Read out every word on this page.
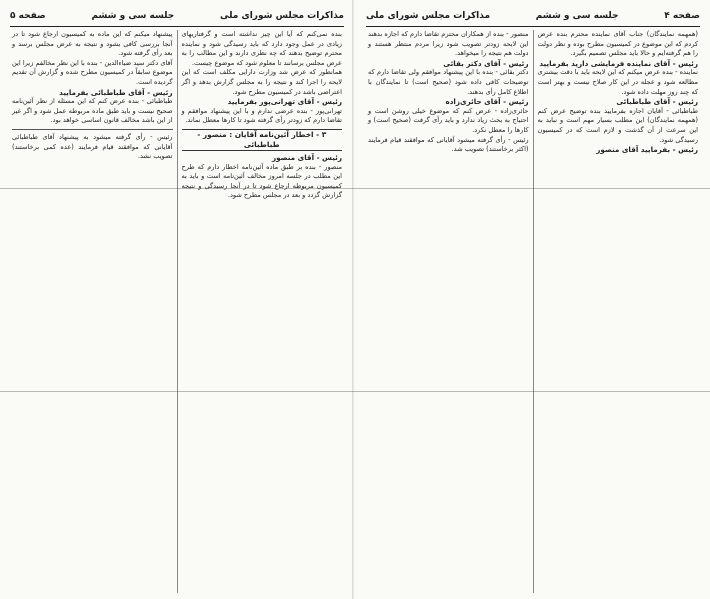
مذاکرات مجلس شورای ملی
جلسه سی و ششم
صفحه ۵

بنده نمی‌کنم که آیا این چیز نداشته است و گرفتاریهای زیادی در عمل وجود دارد که باید رسیدگی شود و نماینده محترم توضیح بدهند که چه نظری دارند و این مطالب را به عرض مجلس برسانند تا معلوم شود که موضوع چیست.

همانطور که عرض شد وزارت دارایی مکلف است که این لایحه را اجرا کند و نتیجه را به مجلس گزارش بدهد و اگر اعتراضی باشد در کمیسیون مطرح شود.

رئیس - آقای تهرانی‌پور بفرمایید

تهرانی‌پور - بنده عرضی ندارم و با این پیشنهاد موافقم و تقاضا دارم که زودتر رأی گرفته شود تا کارها معطل نماند.

۳ - اخطار آئین‌نامه آقایان : منصور - طباطبائی

رئیس - آقای منصور

منصور - بنده بر طبق ماده آئین‌نامه اخطار دارم که طرح این مطلب در جلسه امروز مخالف آئین‌نامه است و باید به کمیسیون مربوطه ارجاع شود تا در آنجا رسیدگی و نتیجه گزارش گردد و بعد در مجلس مطرح شود.

پیشنهاد میکنم که این ماده به کمیسیون ارجاع شود تا در آنجا بررسی کافی بشود و نتیجه به عرض مجلس برسد و بعد رأی گرفته شود.

آقای دکتر سید ضیاءالدین - بنده با این نظر مخالفم زیرا این موضوع سابقاً در کمیسیون مطرح شده و گزارش آن تقدیم گردیده است.

رئیس - آقای طباطبائی بفرمایید

طباطبائی - بنده عرض کنم که این مسئله از نظر آئین‌نامه صحیح نیست و باید طبق ماده مربوطه عمل شود و اگر غیر از این باشد مخالف قانون اساسی خواهد بود.

رئیس - رأی گرفته میشود به پیشنهاد آقای طباطبائی آقایانی که موافقند قیام فرمایند (عده کمی برخاستند) تصویب نشد.

صفحه ۴
جلسه سی و ششم
مذاکرات مجلس شورای ملی

(همهمه نمایندگان) جناب آقای نماینده محترم بنده عرض کردم که این موضوع در کمیسیون مطرح بوده و نظر دولت را هم گرفته‌ایم و حالا باید مجلس تصمیم بگیرد.

رئیس - آقای نماینده فرمایشی دارید بفرمایید

نماینده - بنده عرض میکنم که این لایحه باید با دقت بیشتری مطالعه شود و عجله در این کار صلاح نیست و بهتر است که چند روز مهلت داده شود.

رئیس - آقای طباطبائی

طباطبائی - آقایان اجازه بفرمایید بنده توضیح عرض کنم (همهمه نمایندگان) این مطلب بسیار مهم است و نباید به این سرعت از آن گذشت و لازم است که در کمیسیون رسیدگی شود.

رئیس - بفرمایید آقای منصور

منصور - بنده از همکاران محترم تقاضا دارم که اجازه بدهند این لایحه زودتر تصویب شود زیرا مردم منتظر هستند و دولت هم نتیجه را میخواهد.

رئیس - آقای دکتر بقائی

دکتر بقائی - بنده با این پیشنهاد موافقم ولی تقاضا دارم که توضیحات کافی داده شود (صحیح است) تا نمایندگان با اطلاع کامل رأی بدهند.

رئیس - آقای حائری‌زاده

حائری‌زاده - عرض کنم که موضوع خیلی روشن است و احتیاج به بحث زیاد ندارد و باید رأی گرفت (صحیح است) و کارها را معطل نکرد.

رئیس - رأی گرفته میشود آقایانی که موافقند قیام فرمایند (اکثر برخاستند) تصویب شد.
